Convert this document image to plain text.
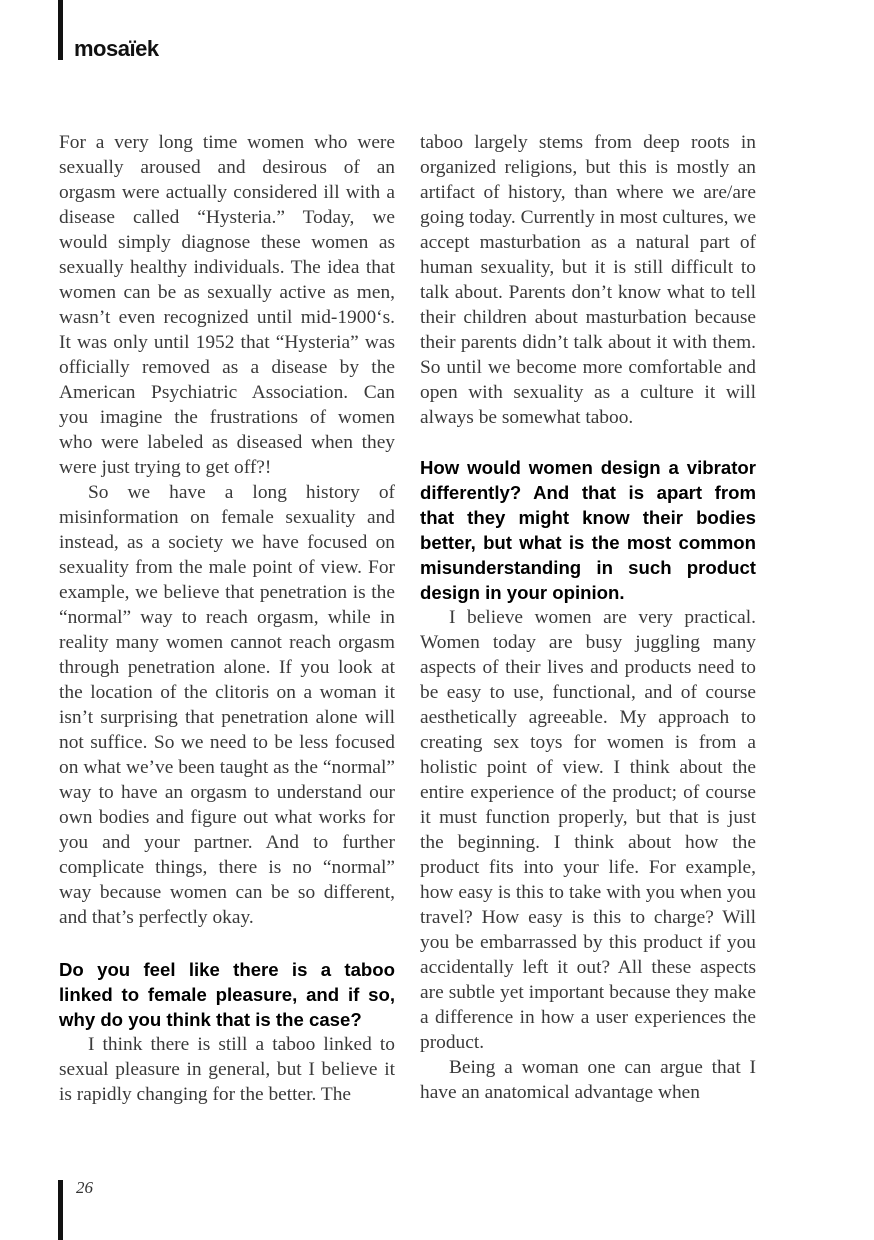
mosaïek

For a very long time women who were sexually aroused and desirous of an orgasm were actually considered ill with a disease called “Hysteria.” Today, we would simply diagnose these women as sexually healthy individuals. The idea that women can be as sexually active as men, wasn’t even recognized until mid-1900‘s. It was only until 1952 that “Hysteria” was officially removed as a disease by the American Psychiatric Association. Can you imagine the frustrations of women who were labeled as diseased when they were just trying to get off?!

So we have a long history of misinformation on female sexuality and instead, as a society we have focused on sexuality from the male point of view. For example, we believe that penetration is the “normal” way to reach orgasm, while in reality many women cannot reach orgasm through penetration alone. If you look at the location of the clitoris on a woman it isn’t surprising that penetration alone will not suffice. So we need to be less focused on what we’ve been taught as the “normal” way to have an orgasm to understand our own bodies and figure out what works for you and your partner. And to further complicate things, there is no “normal” way because women can be so different, and that’s perfectly okay.

Do you feel like there is a taboo linked to female pleasure, and if so, why do you think that is the case?

I think there is still a taboo linked to sexual pleasure in general, but I believe it is rapidly changing for the better. The

taboo largely stems from deep roots in organized religions, but this is mostly an artifact of history, than where we are/are going today. Currently in most cultures, we accept masturbation as a natural part of human sexuality, but it is still difficult to talk about. Parents don’t know what to tell their children about masturbation because their parents didn’t talk about it with them. So until we become more comfortable and open with sexuality as a culture it will always be somewhat taboo.

How would women design a vibrator differently? And that is apart from that they might know their bodies better, but what is the most common misunderstanding in such product design in your opinion.

I believe women are very practical. Women today are busy juggling many aspects of their lives and products need to be easy to use, functional, and of course aesthetically agreeable. My approach to creating sex toys for women is from a holistic point of view. I think about the entire experience of the product; of course it must function properly, but that is just the beginning. I think about how the product fits into your life. For example, how easy is this to take with you when you travel? How easy is this to charge? Will you be embarrassed by this product if you accidentally left it out? All these aspects are subtle yet important because they make a difference in how a user experiences the product.

Being a woman one can argue that I have an anatomical advantage when

26
